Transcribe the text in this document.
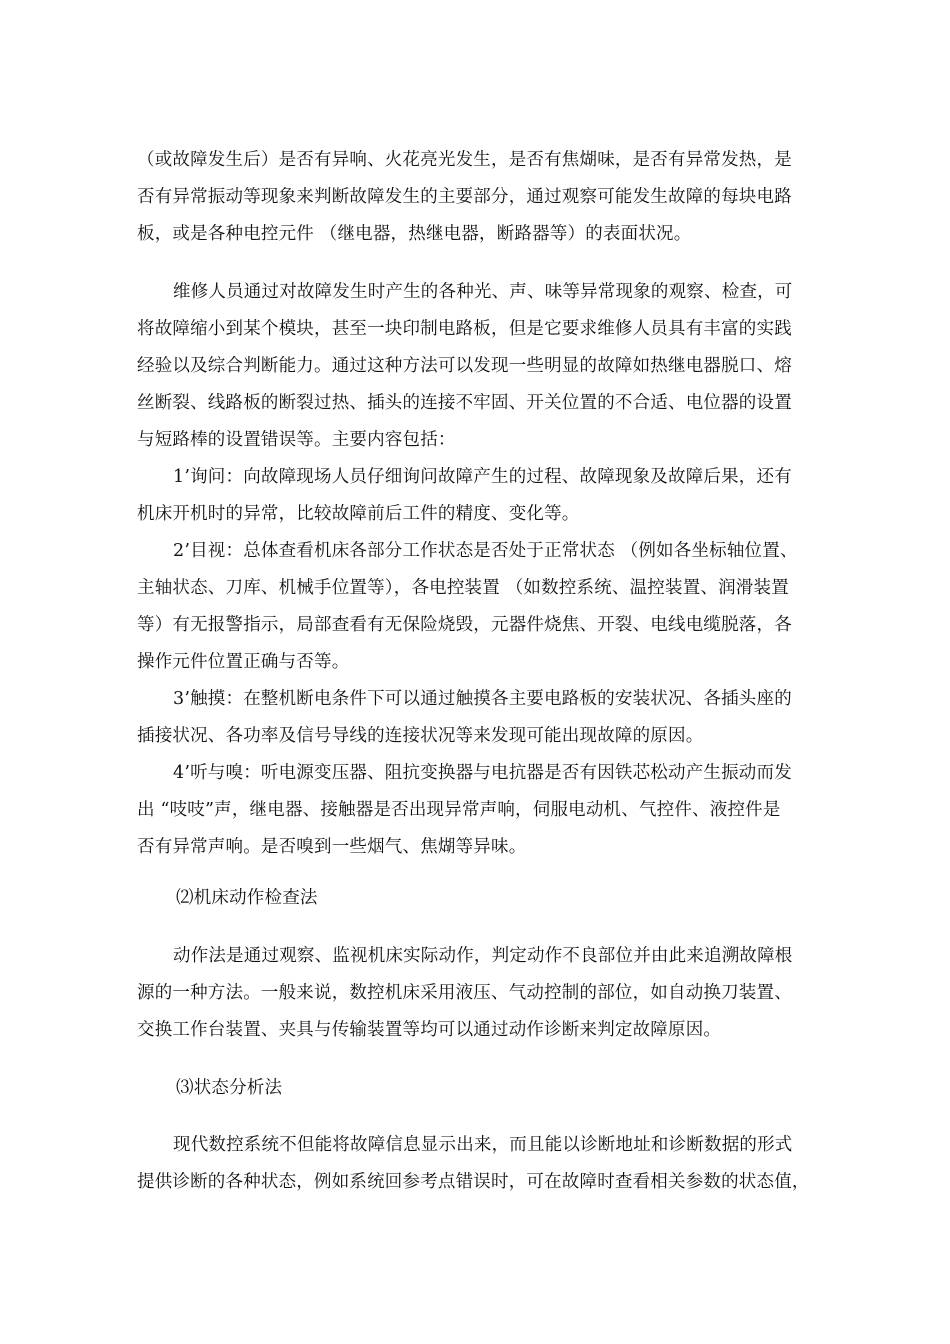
（或故障发生后）是否有异响、火花亮光发生，是否有焦煳味，是否有异常发热，是
否有异常振动等现象来判断故障发生的主要部分，通过观察可能发生故障的每块电路
板，或是各种电控元件 （继电器，热继电器，断路器等）的表面状况。
维修人员通过对故障发生时产生的各种光、声、味等异常现象的观察、检查，可
将故障缩小到某个模块，甚至一块印制电路板，但是它要求维修人员具有丰富的实践
经验以及综合判断能力。通过这种方法可以发现一些明显的故障如热继电器脱口、熔
丝断裂、线路板的断裂过热、插头的连接不牢固、开关位置的不合适、电位器的设置
与短路棒的设置错误等。主要内容包括：
1’询问：向故障现场人员仔细询问故障产生的过程、故障现象及故障后果，还有
机床开机时的异常，比较故障前后工件的精度、变化等。
2’目视：总体查看机床各部分工作状态是否处于正常状态 （例如各坐标轴位置、
主轴状态、刀库、机械手位置等），各电控装置 （如数控系统、温控装置、润滑装置
等）有无报警指示，局部查看有无保险烧毁，元器件烧焦、开裂、电线电缆脱落，各
操作元件位置正确与否等。
3’触摸：在整机断电条件下可以通过触摸各主要电路板的安装状况、各插头座的
插接状况、各功率及信号导线的连接状况等来发现可能出现故障的原因。
4’听与嗅：听电源变压器、阻抗变换器与电抗器是否有因铁芯松动产生振动而发
出 “吱吱”声，继电器、接触器是否出现异常声响，伺服电动机、气控件、液控件是
否有异常声响。是否嗅到一些烟气、焦煳等异味。
⑵机床动作检查法
动作法是通过观察、监视机床实际动作，判定动作不良部位并由此来追溯故障根
源的一种方法。一般来说，数控机床采用液压、气动控制的部位，如自动换刀装置、
交换工作台装置、夹具与传输装置等均可以通过动作诊断来判定故障原因。
⑶状态分析法
现代数控系统不但能将故障信息显示出来，而且能以诊断地址和诊断数据的形式
提供诊断的各种状态，例如系统回参考点错误时，可在故障时查看相关参数的状态值，
